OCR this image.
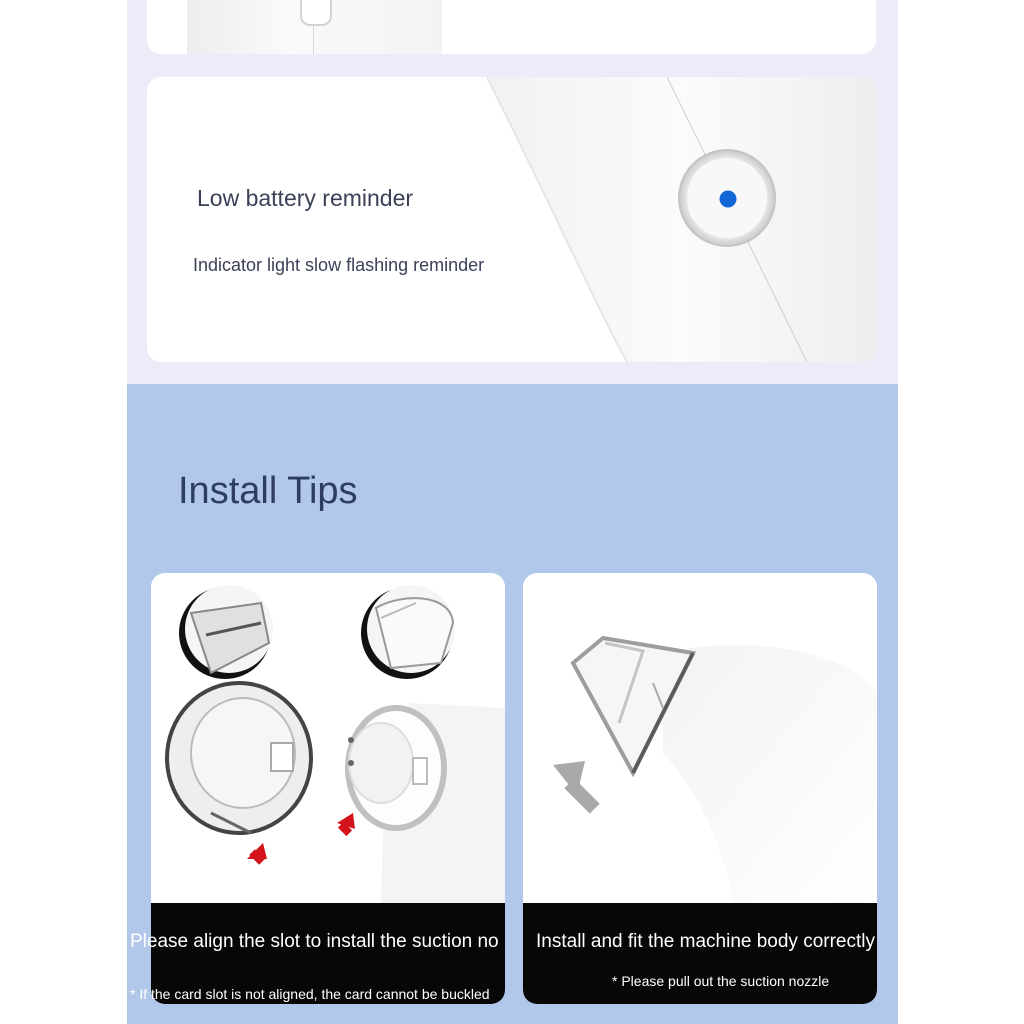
Low battery reminder
Indicator light slow flashing reminder
Install Tips
Please align the slot to install the suction no
* If the card slot is not aligned, the card cannot be buckled
Install and fit the machine body correctly
* Please pull out the suction nozzle
